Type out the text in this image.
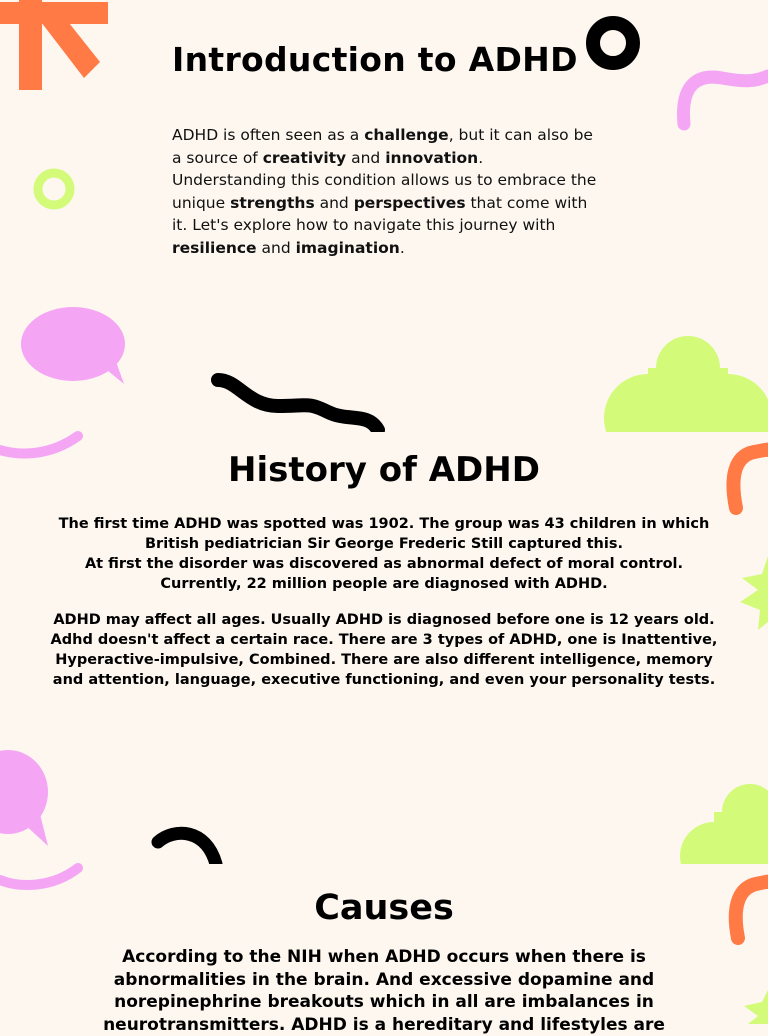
Introduction to ADHD

ADHD is often seen as a challenge, but it can also be a source of creativity and innovation. Understanding this condition allows us to embrace the unique strengths and perspectives that come with it. Let's explore how to navigate this journey with resilience and imagination.

History of ADHD

The first time ADHD was spotted was 1902. The group was 43 children in which British pediatrician Sir George Frederic Still captured this.

At first the disorder was discovered as abnormal defect of moral control.

Currently, 22 million people are diagnosed with ADHD.

ADHD may affect all ages. Usually ADHD is diagnosed before one is 12 years old.

Adhd doesn't affect a certain race. There are 3 types of ADHD, one is Inattentive, Hyperactive-impulsive, Combined. There are also different intelligence, memory and attention, language, executive functioning, and even your personality tests.

Causes

According to the NIH when ADHD occurs when there is abnormalities in the brain. And excessive dopamine and norepinephrine breakouts which in all are imbalances in neurotransmitters. ADHD is a hereditary and lifestyles are
